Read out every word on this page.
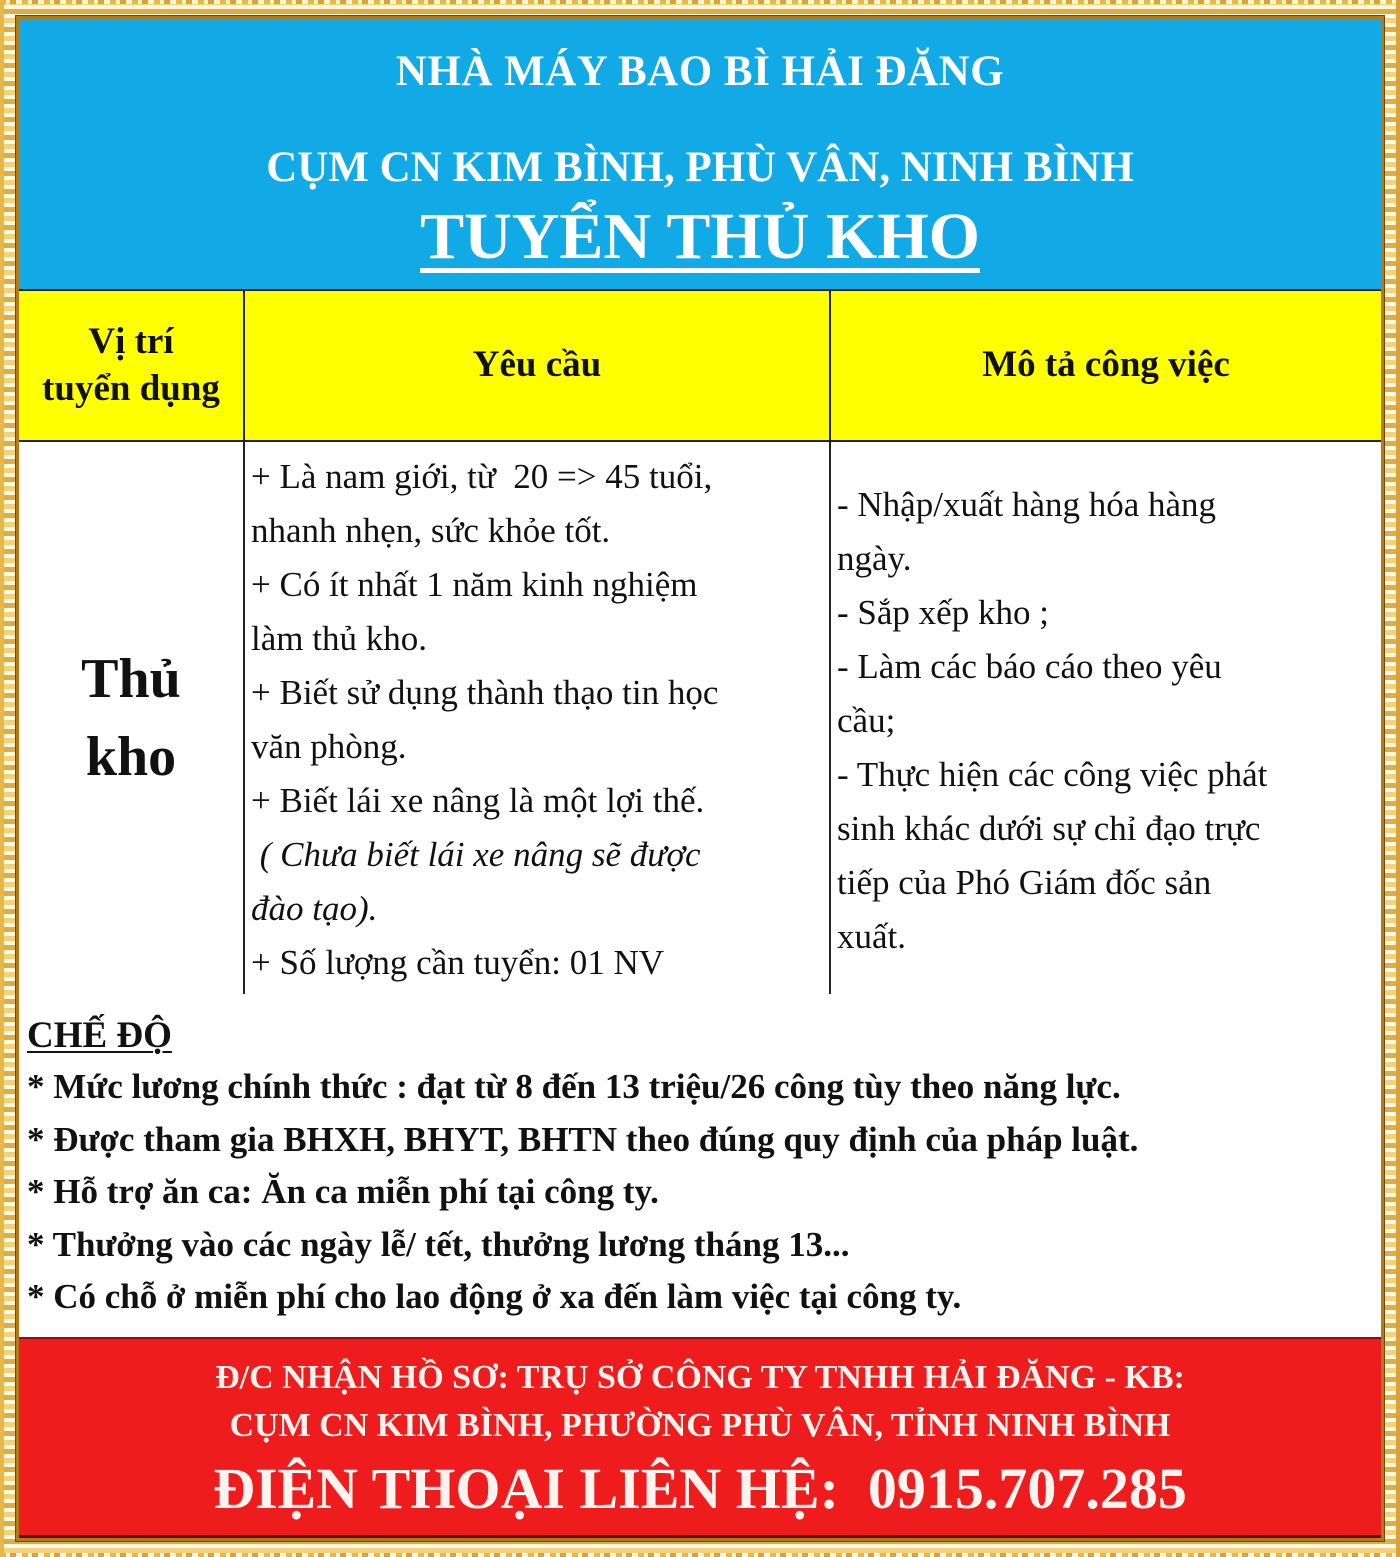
NHÀ MÁY BAO BÌ HẢI ĐĂNG
CỤM CN KIM BÌNH, PHÙ VÂN, NINH BÌNH
TUYỂN THỦ KHO
Vị trí
tuyển dụng
Yêu cầu	Mô tả công việc
Thủ
kho
+ Là nam giới, từ  20 => 45 tuổi,
nhanh nhẹn, sức khỏe tốt.
+ Có ít nhất 1 năm kinh nghiệm
làm thủ kho.
+ Biết sử dụng thành thạo tin học
văn phòng.
+ Biết lái xe nâng là một lợi thế.
( Chưa biết lái xe nâng sẽ được
đào tạo).
+ Số lượng cần tuyển: 01 NV
- Nhập/xuất hàng hóa hàng
ngày.
- Sắp xếp kho ;
- Làm các báo cáo theo yêu
cầu;
- Thực hiện các công việc phát
sinh khác dưới sự chỉ đạo trực
tiếp của Phó Giám đốc sản
xuất.
CHẾ ĐỘ
* Mức lương chính thức : đạt từ 8 đến 13 triệu/26 công tùy theo năng lực.
* Được tham gia BHXH, BHYT, BHTN theo đúng quy định của pháp luật.
* Hỗ trợ ăn ca: Ăn ca miễn phí tại công ty.
* Thưởng vào các ngày lễ/ tết, thưởng lương tháng 13...
* Có chỗ ở miễn phí cho lao động ở xa đến làm việc tại công ty.
Đ/C NHẬN HỒ SƠ: TRỤ SỞ CÔNG TY TNHH HẢI ĐĂNG - KB:
CỤM CN KIM BÌNH, PHƯỜNG PHÙ VÂN, TỈNH NINH BÌNH
ĐIỆN THOẠI LIÊN HỆ:  0915.707.285
